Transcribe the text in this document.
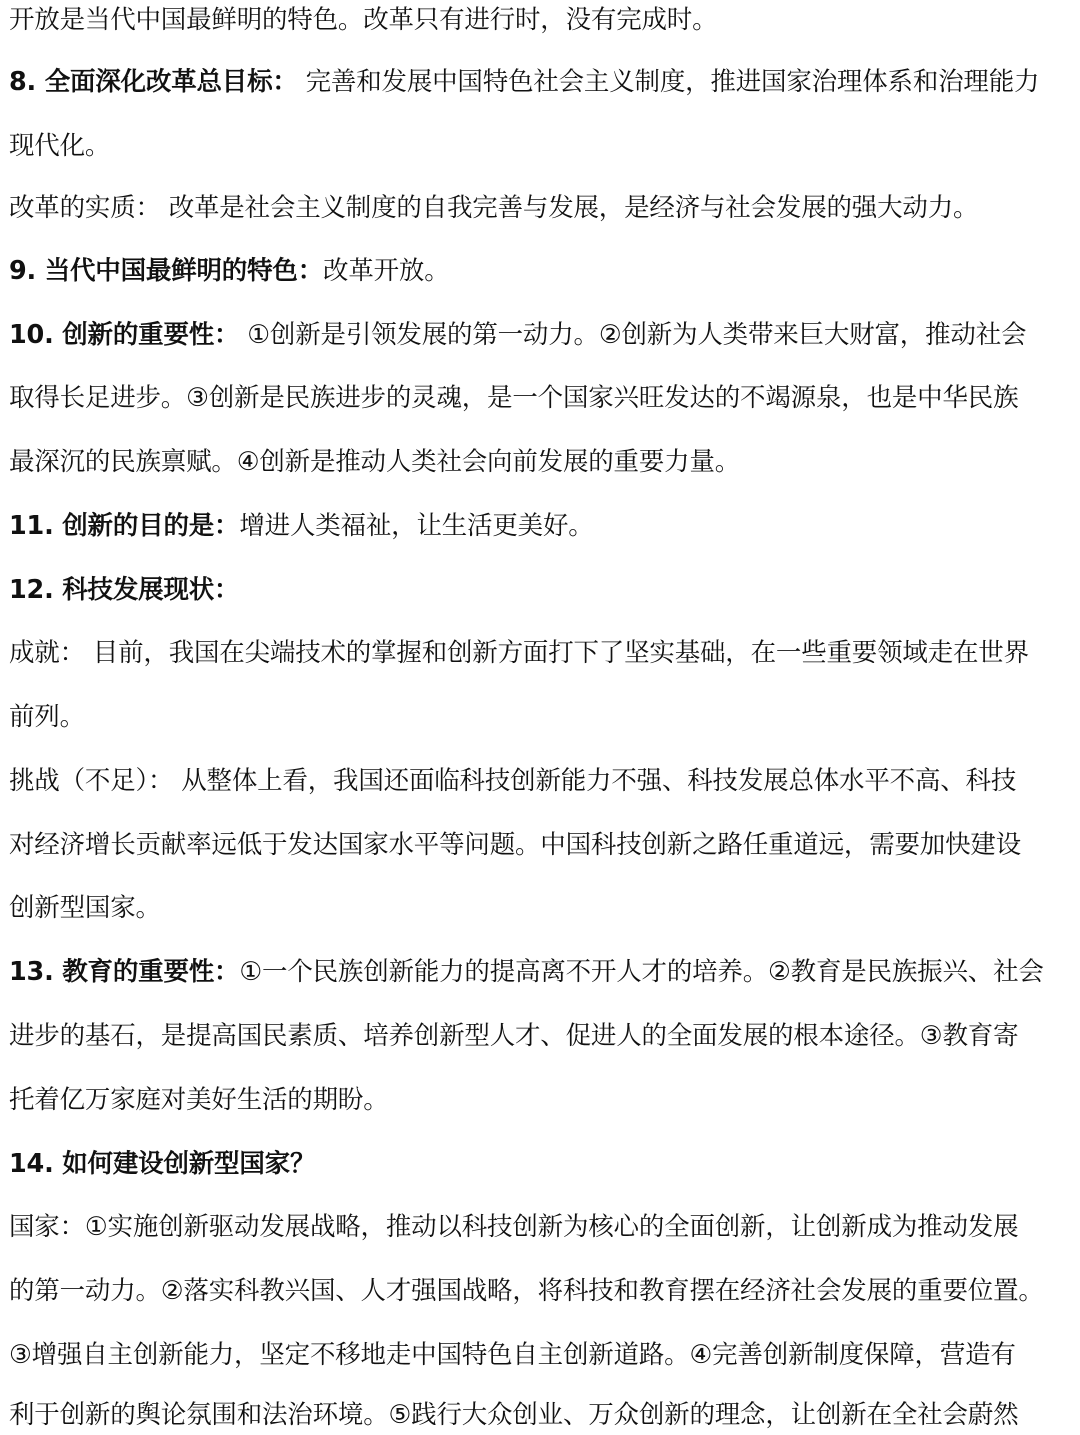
开放是当代中国最鲜明的特色。改革只有进行时，没有完成时。
8. 全面深化改革总目标： 完善和发展中国特色社会主义制度，推进国家治理体系和治理能力
现代化。
改革的实质： 改革是社会主义制度的自我完善与发展，是经济与社会发展的强大动力。
9. 当代中国最鲜明的特色：改革开放。
10. 创新的重要性： ①创新是引领发展的第一动力。②创新为人类带来巨大财富，推动社会
取得长足进步。③创新是民族进步的灵魂，是一个国家兴旺发达的不竭源泉，也是中华民族
最深沉的民族禀赋。④创新是推动人类社会向前发展的重要力量。
11. 创新的目的是：增进人类福祉，让生活更美好。
12. 科技发展现状：
成就： 目前，我国在尖端技术的掌握和创新方面打下了坚实基础，在一些重要领域走在世界
前列。
挑战（不足）： 从整体上看，我国还面临科技创新能力不强、科技发展总体水平不高、科技
对经济增长贡献率远低于发达国家水平等问题。中国科技创新之路任重道远，需要加快建设
创新型国家。
13. 教育的重要性：①一个民族创新能力的提高离不开人才的培养。②教育是民族振兴、社会
进步的基石，是提高国民素质、培养创新型人才、促进人的全面发展的根本途径。③教育寄
托着亿万家庭对美好生活的期盼。
14. 如何建设创新型国家？
国家：①实施创新驱动发展战略，推动以科技创新为核心的全面创新，让创新成为推动发展
的第一动力。②落实科教兴国、人才强国战略，将科技和教育摆在经济社会发展的重要位置。
③增强自主创新能力，坚定不移地走中国特色自主创新道路。④完善创新制度保障，营造有
利于创新的舆论氛围和法治环境。⑤践行大众创业、万众创新的理念，让创新在全社会蔚然
